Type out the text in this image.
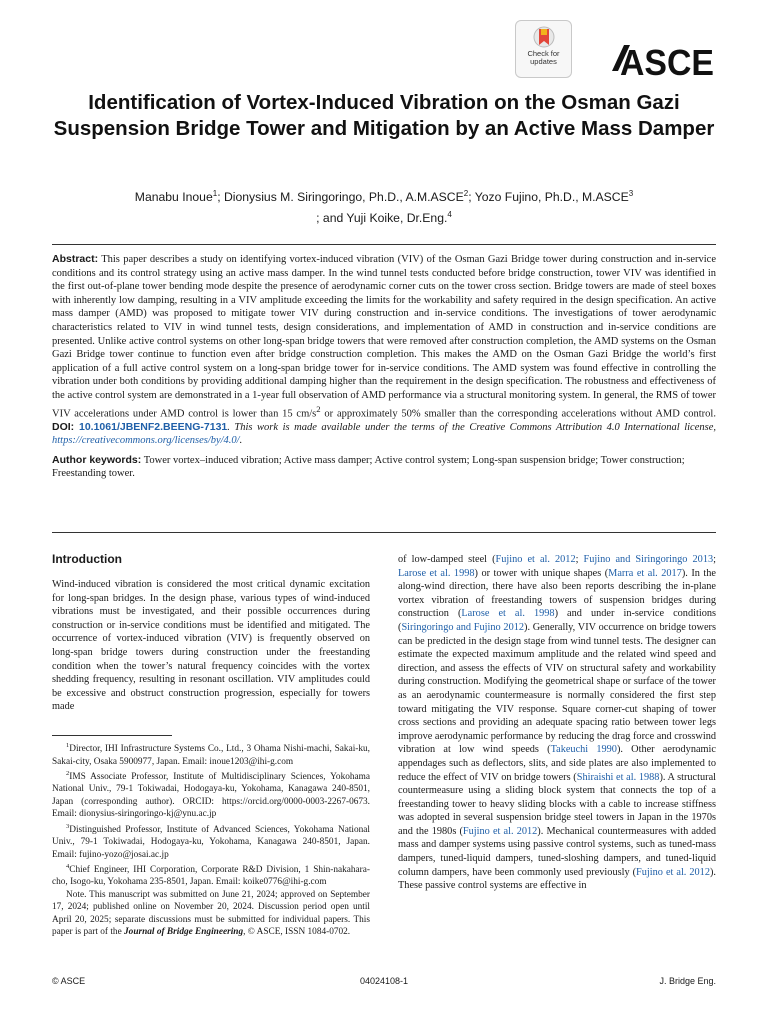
Check for
updates	ASCE
Identification of Vortex-Induced Vibration on the Osman Gazi Suspension Bridge Tower and Mitigation by an Active Mass Damper
Manabu Inoue$^1$; Dionysius M. Siringoringo, Ph.D., A.M.ASCE$^2$; Yozo Fujino, Ph.D., M.ASCE$^3$
; and Yuji Koike, Dr.Eng.$^4$

Abstract: This paper describes a study on identifying vortex-induced vibration (VIV) of the Osman Gazi Bridge tower during construction and in-service conditions and its control strategy using an active mass damper. In the wind tunnel tests conducted before bridge construction, tower VIV was identified in the first out-of-plane tower bending mode despite the presence of aerodynamic corner cuts on the tower cross section. Bridge towers are made of steel boxes with inherently low damping, resulting in a VIV amplitude exceeding the limits for the workability and safety required in the design specification. An active mass damper (AMD) was proposed to mitigate tower VIV during construction and in-service conditions. The investigations of tower aerodynamic characteristics related to VIV in wind tunnel tests, design considerations, and implementation of AMD in construction and in-service conditions are presented. Unlike active control systems on other long-span bridge towers that were removed after construction completion, the AMD systems on the Osman Gazi Bridge tower continue to function even after bridge construction completion. This makes the AMD on the Osman Gazi Bridge the world’s first application of a full active control system on a long-span bridge tower for in-service conditions. The AMD system was found effective in controlling the vibration under both conditions by providing additional damping higher than the requirement in the design specification. The robustness and effectiveness of the active control system are demonstrated in a 1-year full observation of AMD performance via a structural monitoring system. In general, the RMS of tower VIV accelerations under AMD control is lower than 15 $cm/s^2$ or approximately 50% smaller than the corresponding accelerations without AMD control. DOI: 10.1061/JBENF2.BEENG-7131. This work is made available under the terms of the Creative Commons Attribution 4.0 International license, https://creativecommons.org/licenses/by/4.0/.

Author keywords: Tower vortex–induced vibration; Active mass damper; Active control system; Long-span suspension bridge; Tower construction; Freestanding tower.

Introduction

Wind-induced vibration is considered the most critical dynamic excitation for long-span bridges. In the design phase, various types of wind-induced vibrations must be investigated, and their possible occurrences during construction or in-service conditions must be identified and mitigated. The occurrence of vortex-induced vibration (VIV) is frequently observed on long-span bridge towers during construction under the freestanding condition when the tower’s natural frequency coincides with the vortex shedding frequency, resulting in resonant oscillation. VIV amplitudes could be excessive and obstruct construction progression, especially for towers made

$^1$Director, IHI Infrastructure Systems Co., Ltd., 3 Ohama Nishi-machi, Sakai-ku, Sakai-city, Osaka 5900977, Japan. Email: inoue1203@ihi-g.com

$^2$IMS Associate Professor, Institute of Multidisciplinary Sciences, Yokohama National Univ., 79-1 Tokiwadai, Hodogaya-ku, Yokohama, Kanagawa 240-8501, Japan (corresponding author). ORCID: https://orcid.org/0000-0003-2267-0673. Email: dionysius-siringoringo-kj@ynu.ac.jp

$^3$Distinguished Professor, Institute of Advanced Sciences, Yokohama National Univ., 79-1 Tokiwadai, Hodogaya-ku, Yokohama, Kanagawa 240-8501, Japan. Email: fujino-yozo@josai.ac.jp

$^4$Chief Engineer, IHI Corporation, Corporate R&D Division, 1 Shin-nakahara-cho, Isogo-ku, Yokohama 235-8501, Japan. Email: koike0776@ihi-g.com

Note. This manuscript was submitted on June 21, 2024; approved on September 17, 2024; published online on November 20, 2024. Discussion period open until April 20, 2025; separate discussions must be submitted for individual papers. This paper is part of the Journal of Bridge Engineering, © ASCE, ISSN 1084-0702.

of low-damped steel (Fujino et al. 2012; Fujino and Siringoringo 2013; Larose et al. 1998) or tower with unique shapes (Marra et al. 2017). In the along-wind direction, there have also been reports describing the in-plane vortex vibration of freestanding towers of suspension bridges during construction (Larose et al. 1998) and under in-service conditions (Siringoringo and Fujino 2012). Generally, VIV occurrence on bridge towers can be predicted in the design stage from wind tunnel tests. The designer can estimate the expected maximum amplitude and the related wind speed and direction, and assess the effects of VIV on structural safety and workability during construction. Modifying the geometrical shape or surface of the tower as an aerodynamic countermeasure is normally considered the first step toward mitigating the VIV response. Square corner-cut shaping of tower cross sections and providing an adequate spacing ratio between tower legs improve aerodynamic performance by reducing the drag force and crosswind vibration at low wind speeds (Takeuchi 1990). Other aerodynamic appendages such as deflectors, slits, and side plates are also implemented to reduce the effect of VIV on bridge towers (Shiraishi et al. 1988). A structural countermeasure using a sliding block system that connects the top of a freestanding tower to heavy sliding blocks with a cable to increase stiffness was adopted in several suspension bridge steel towers in Japan in the 1970s and the 1980s (Fujino et al. 2012). Mechanical countermeasures with added mass and damper systems using passive control systems, such as tuned-mass dampers, tuned-liquid dampers, tuned-sloshing dampers, and tuned-liquid column dampers, have been commonly used previously (Fujino et al. 2012). These passive control systems are effective in

© ASCE	04024108-1	J. Bridge Eng.
